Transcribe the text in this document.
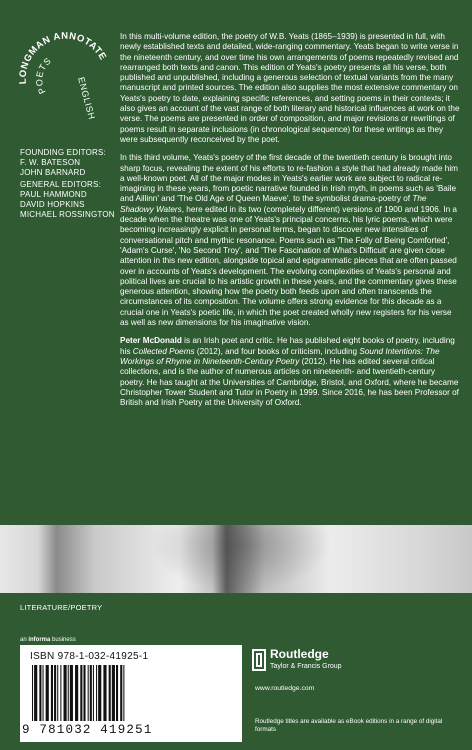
LONGMAN ANNOTATE
ENGLISH
POETS
FOUNDING EDITORS:
F. W. BATESON
JOHN BARNARD
GENERAL EDITORS:
PAUL HAMMOND
DAVID HOPKINS
MICHAEL ROSSINGTON

In this multi-volume edition, the poetry of W.B. Yeats (1865–1939) is presented in full, with newly established texts and detailed, wide-ranging commentary. Yeats began to write verse in the nineteenth century, and over time his own arrangements of poems repeatedly revised and rearranged both texts and canon. This edition of Yeats's poetry presents all his verse, both published and unpublished, including a generous selection of textual variants from the many manuscript and printed sources. The edition also supplies the most extensive commentary on Yeats's poetry to date, explaining specific references, and setting poems in their contexts; it also gives an account of the vast range of both literary and historical influences at work on the verse. The poems are presented in order of composition, and major revisions or rewritings of poems result in separate inclusions (in chronological sequence) for these writings as they were subsequently reconceived by the poet.

In this third volume, Yeats's poetry of the first decade of the twentieth century is brought into sharp focus, revealing the extent of his efforts to re-fashion a style that had already made him a well-known poet. All of the major modes in Yeats's earlier work are subject to radical re-imagining in these years, from poetic narrative founded in Irish myth, in poems such as 'Baile and Aillinn' and 'The Old Age of Queen Maeve', to the symbolist drama-poetry of The Shadowy Waters, here edited in its two (completely different) versions of 1900 and 1906. In a decade when the theatre was one of Yeats's principal concerns, his lyric poems, which were becoming increasingly explicit in personal terms, began to discover new intensities of conversational pitch and mythic resonance. Poems such as 'The Folly of Being Comforted', 'Adam's Curse', 'No Second Troy', and 'The Fascination of What's Difficult' are given close attention in this new edition, alongside topical and epigrammatic pieces that are often passed over in accounts of Yeats's development. The evolving complexities of Yeats's personal and political lives are crucial to his artistic growth in these years, and the commentary gives these generous attention, showing how the poetry both feeds upon and often transcends the circumstances of its composition. The volume offers strong evidence for this decade as a crucial one in Yeats's poetic life, in which the poet created wholly new registers for his verse as well as new dimensions for his imaginative vision.

Peter McDonald is an Irish poet and critic. He has published eight books of poetry, including his Collected Poems (2012), and four books of criticism, including Sound Intentions: The Workings of Rhyme in Nineteenth-Century Poetry (2012). He has edited several critical collections, and is the author of numerous articles on nineteenth- and twentieth-century poetry. He has taught at the Universities of Cambridge, Bristol, and Oxford, where he became Christopher Tower Student and Tutor in Poetry in 1999. Since 2016, he has been Professor of British and Irish Poetry at the University of Oxford.

LITERATURE/POETRY
an informa business
ISBN 978-1-032-41925-1
9 781032 419251
Routledge
Taylor & Francis Group
www.routledge.com
Routledge titles are available as eBook editions in a range of digital formats
